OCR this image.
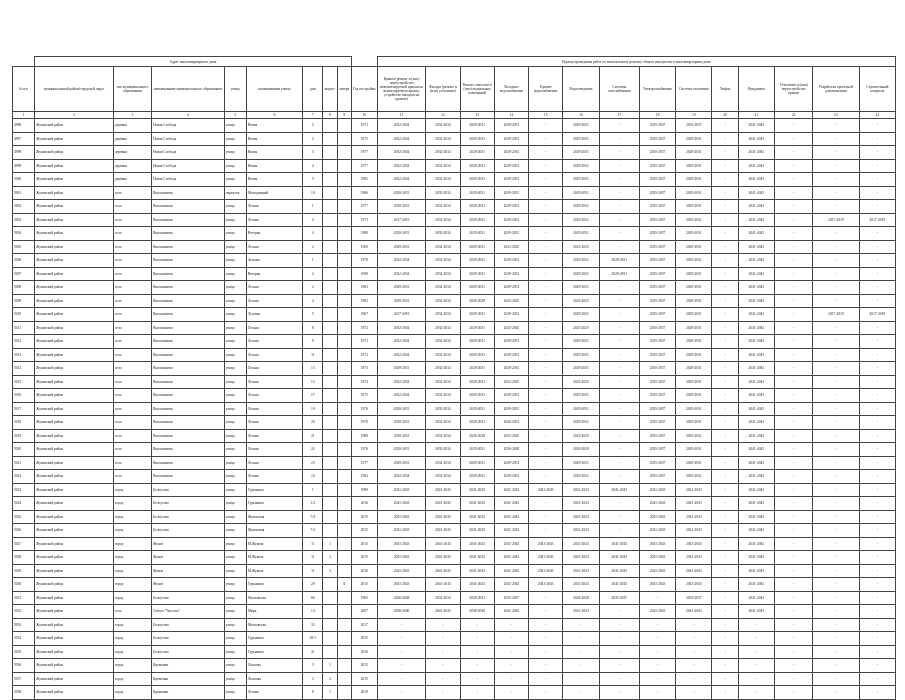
	Адрес многоквартирного дома									Период проведения работ по капитальному ремонту общего имущества в многоквартирном доме													
№ п/п	муниципальный район/городской округ	тип муниципального образования	наименование муниципального образования	улица	наименование улицы	дом	корпус	литера	Год постройки	Крыша (ремонт и (или) переустройство невентилируемой крыши на вентилируемую крышу, устройство выходов на кровлю)	Фасады (ремонт и (или) утепление)	Ремонт отмостки и (или) подвальных помещений	Холодное водоснабжение	Горячее водоснабжение	Водоотведение	Системы газоснабжения	Электроснабжение	Система отопления	Лифты	Фундамент	Утепление и (или) переустройство крыши	Разработка проектной документации	Строительный контроль
1	2	3	4	5	6	7	8	9	10	11	12	13	14	15	16	17	18	19	20	21	22	23	24
4998	Жуковский район	деревня	Новая Слобода	улица	Новая	3			1972	2032-2034	2032-2034	2029-2031	2029-2031	-	2029-2031	-	2035-2037	2035-2037	-	2041-2043	-	-	-
4997	Жуковский район	деревня	Новая Слобода	улица	Новая	2			1975	2032-2034	2032-2034	2029-2031	2029-2031	-	2029-2031	-	2035-2037	2029-2031	-	2041-2043	-	-	-
4998	Жуковский район	деревня	Новая Слобода	улица	Новая	3			1977	2032-2034	2032-2034	2029-2031	2029-2031	-	2029-2031	-	2035-2037	2029-2031	-	2041-2043	-	-	-
4999	Жуковский район	деревня	Новая Слобода	улица	Новая	4			1977	2032-2034	2032-2034	2029-2031	2029-2031	-	2029-2031	-	2035-2037	2029-2031	-	2041-2043	-	-	-
5000	Жуковский район	деревня	Новая Слобода	улица	Новая	5			1985	2032-2034	2032-2034	2029-2031	2029-2031	-	2029-2031	-	2035-2037	2029-2031	-	2041-2043	-	-	-
5001	Жуковский район	село	Высокиничи	переулок	Молодежный	10			1986	2029-2031	2032-2034	2029-2031	2029-2031	-	2029-2031	-	2035-2037	2029-2031	-	2041-2043	-	-	-
5002	Жуковский район	село	Высокиничи	улица	Лесная	1			1977	2029-2031	2032-2034	2029-2031	2029-2031	-	2029-2031	-	2035-2037	2029-2031	-	2041-2043	-	-	-
5003	Жуковский район	село	Высокиничи	улица	Лесная	2			1973	2017-2019	2032-2034	2029-2031	2029-2031	-	2029-2031	-	2035-2037	2029-2031	-	2041-2043	-	2017-2019	2017-2019
5004	Жуковский район	село	Высокиничи	улица	Ветеран	4			1980	2029-2031	2032-2034	2029-2031	2029-2031	-	2029-2031	-	2035-2037	2029-2031	-	2041-2043	-	-	-
5005	Жуковский район	село	Высокиничи	улица	Лесная	2			1960	2029-2031	2032-2034	2029-2031	2023-2025	-	2023-2025	-	2035-2037	2029-2031	-	2041-2043	-	-	-
5006	Жуковский район	село	Высокиничи	улица	Зеленая	1			1978	2032-2034	2032-2034	2029-2031	2029-2031	-	2029-2031	2029-2031	2035-2037	2029-2031	-	2041-2043	-	-	-
5007	Жуковский район	село	Высокиничи	улица	Ветеран	2			1998	2032-2034	2032-2034	2029-2031	2029-2031	-	2029-2031	2029-2031	2035-2037	2029-2031	-	2041-2043	-	-	-
5008	Жуковский район	село	Высокиничи	улица	Лесная	2			1982	2029-2031	2032-2034	2029-2031	2029-2031	-	2029-2031	-	2035-2037	2029-2031	-	2041-2043	-	-	-
5009	Жуковский район	село	Высокиничи	улица	Лесная	4			1982	2029-2031	2032-2034	2026-2028	2023-2025	-	2023-2025	-	2035-2037	2029-2031	-	2041-2043	-	-	-
5010	Жуковский район	село	Высокиничи	улица	Луговая	5			1967	2017-2019	2032-2034	2029-2031	2029-2031	-	2029-2031	-	2035-2037	2029-2031	-	2041-2043	-	2017-2019	2017-2019
5011	Жуковский район	село	Высокиничи	улица	Лесная	8			1972	2032-2034	2032-2034	2029-2031	2023-2025	-	2023-2025	-	2035-2037	2029-2031	-	2041-2043	-	-	-
5012	Жуковский район	село	Высокиничи	улица	Лесная	9			1972	2032-2034	2032-2034	2029-2031	2029-2031	-	2029-2031	-	2035-2037	2029-2031	-	2041-2043	-	-	-
5013	Жуковский район	село	Высокиничи	улица	Лесная	11			1972	2032-2034	2032-2034	2029-2031	2029-2031	-	2029-2031	-	2035-2037	2029-2031	-	2041-2043	-	-	-
5014	Жуковский район	село	Высокиничи	улица	Лесная	13			1973	2029-2031	2032-2034	2029-2031	2029-2031	-	2029-2031	-	2035-2037	2029-2031	-	2041-2043	-	-	-
5015	Жуковский район	село	Высокиничи	улица	Лесная	15			1974	2032-2034	2032-2034	2029-2031	2023-2025	-	2023-2025	-	2035-2037	2029-2031	-	2041-2043	-	-	-
5016	Жуковский район	село	Высокиничи	улица	Лесная	17			1975	2032-2034	2032-2034	2029-2031	2029-2031	-	2029-2031	-	2035-2037	2029-2031	-	2041-2043	-	-	-
5017	Жуковский район	село	Высокиничи	улица	Лесная	19			1976	2029-2031	2032-2034	2029-2031	2029-2031	-	2029-2031	-	2035-2037	2029-2031	-	2041-2043	-	-	-
5018	Жуковский район	село	Высокиничи	улица	Лесная	20			1976	2029-2031	2032-2034	2029-2031	2026-2031	-	2029-2031	-	2035-2037	2029-2031	-	2041-2043	-	-	-
5019	Жуковский район	село	Высокиничи	улица	Лесная	21			1988	2029-2031	2032-2034	2026-2028	2023-2025	-	2023-2025	-	2035-2037	2029-2031	-	2041-2043	-	-	-
5020	Жуковский район	село	Высокиничи	улица	Лесная	22			1976	2029-2031	2032-2034	2029-2031	2026-2028	-	2026-2028	-	2035-2037	2029-2031	-	2041-2043	-	-	-
5021	Жуковский район	село	Высокиничи	улица	Лесная	23			1977	2029-2031	2032-2034	2029-2031	2029-2031	-	2029-2031	-	2035-2037	2029-2031	-	2041-2043	-	-	-
5022	Жуковский район	село	Высокиничи	улица	Лесная	24			1982	2032-2034	2032-2034	2029-2031	2029-2031	-	2029-2031	-	2035-2037	2029-2031	-	2041-2043	-	-	-
5023	Жуковский район	город	Белоусово	улица	Гурьянова	1			1989	2041-2043	2041-2043	2041-2043	2041-2043	2041-2043	2041-2043	2041-2043	2041-2043	2041-2043	-	2041-2043	-	-	-
5024	Жуковский район	город	Белоусово	улица	Гурьянова	1/2			2016	2041-2043	2041-2043	2041-2043	2041-2043	-	2041-2043	-	2041-2043	2041-2043	-	2041-2043	-	-	-
5025	Жуковский район	город	Белоусово	улица	Жуковская	7/4			2015	2041-2043	2041-2043	2041-2043	2041-2043	-	2041-2043	-	2041-2043	2041-2043	-	2041-2043	-	-	-
5026	Жуковский район	город	Белоусово	улица	Жуковская	7/2			2015	2041-2043	2041-2043	2041-2043	2041-2043	-	2041-2043	-	2041-2043	2041-2043	-	2041-2043	-	-	-
5027	Жуковский район	город	Жуков	улица	М.Жукова	11	1		2015	2041-2043	2041-2043	2041-2043	2041-2043	2041-2043	2041-2043	2041-2043	2041-2043	2041-2043	-	2041-2043	-	-	-
5028	Жуковский район	город	Жуков	улица	М.Жукова	11	2		2015	2041-2043	2041-2043	2041-2043	2041-2043	2041-2043	2041-2043	2041-2043	2041-2043	2041-2043	-	2041-2043	-	-	-
5029	Жуковский район	город	Жуков	улица	М.Жукова	11	3		2016	2041-2043	2041-2043	2041-2043	2041-2043	2041-2043	2041-2043	2041-2043	2041-2043	2041-2043	-	2041-2043	-	-	-
5030	Жуковский район	город	Жуков	улица	Гурьянова	29		А	2015	2041-2043	2041-2043	2041-2043	2041-2043	2041-2043	2041-2043	2041-2043	2041-2043	2041-2043	-	2041-2043	-	-	-
5031	Жуковский район	город	Белоусово	улица	Московская	66			1965	2026-2028	2032-2034	2029-2031	2035-2037	-	2026-2028	2035-2037	-	2035-2037	-	2041-2043	-	-	-
5032	Жуковский район	село	Совхоз "Чаусово"	улица	Мира	14			2007	2038-2040	2041-2043	2038-2040	2041-2043	-	2041-2043	-	2041-2043	2041-2043	-	2041-2043	-	-	-
5033	Жуковский район	город	Белоусово	улица	Московская	33			2017	-	-	-	-	-	-	-	-	-	-	-	-	-	-
5034	Жуковский район	город	Белоусово	улица	Гурьянова	29/1			2015	-	-	-	-	-	-	-	-	-	-	-	-	-	-
5035	Жуковский район	город	Белоусово	улица	Гурьянова	31			2016	-	-	-	-	-	-	-	-	-	-	-	-	-	-
5036	Жуковский район	город	Кременки	улица	Лыскова	3	1		2015	-	-	-	-	-	-	-	-	-	-	-	-	-	-
5037	Жуковский район	город	Кременки	улица	Лыскова	3	2		2015	-	-	-	-	-	-	-	-	-	-	-	-	-	-
5038	Жуковский район	город	Кременки	улица	Лесная	8	1		2019	-	-	-	-	-	-	-	-	-	-	-	-	-	-
